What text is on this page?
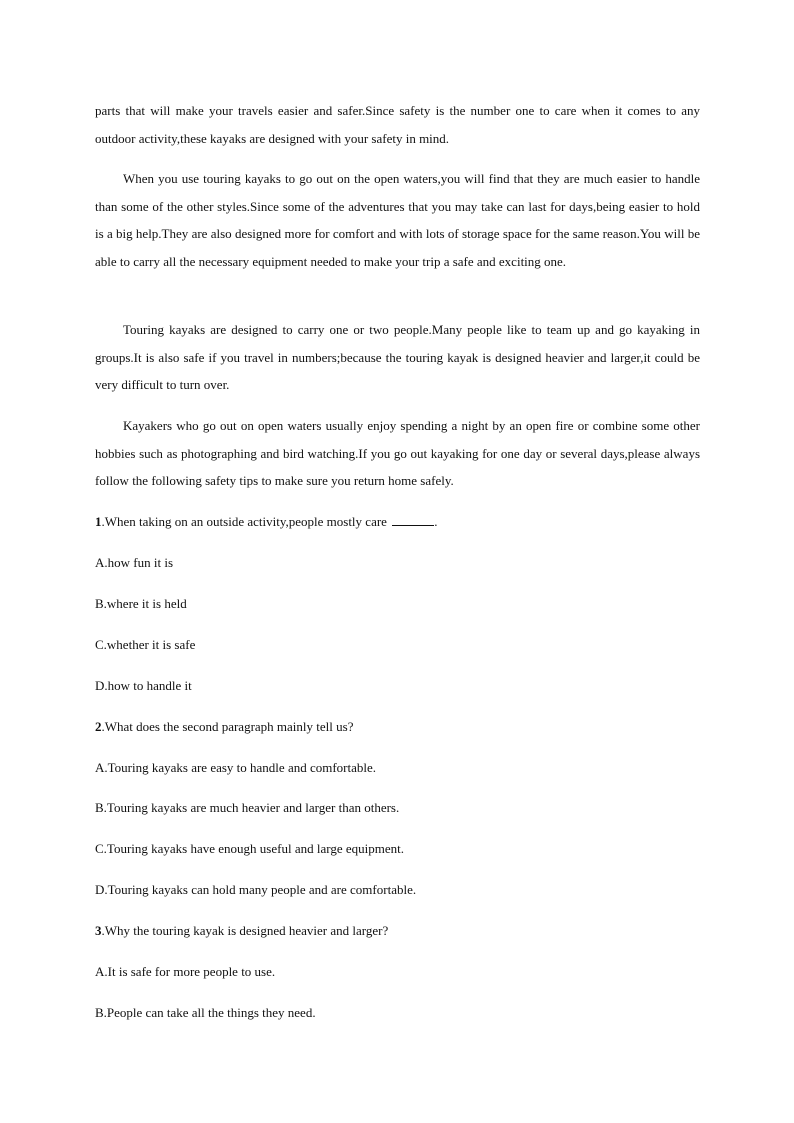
parts that will make your travels easier and safer.Since safety is the number one to care when it comes to any outdoor activity,these kayaks are designed with your safety in mind.

When you use touring kayaks to go out on the open waters,you will find that they are much easier to handle than some of the other styles.Since some of the adventures that you may take can last for days,being easier to hold is a big help.They are also designed more for comfort and with lots of storage space for the same reason.You will be able to carry all the necessary equipment needed to make your trip a safe and exciting one.

Touring kayaks are designed to carry one or two people.Many people like to team up and go kayaking in groups.It is also safe if you travel in numbers;because the touring kayak is designed heavier and larger,it could be very difficult to turn over.

Kayakers who go out on open waters usually enjoy spending a night by an open fire or combine some other hobbies such as photographing and bird watching.If you go out kayaking for one day or several days,please always follow the following safety tips to make sure you return home safely.

1.When taking on an outside activity,people mostly care	.
A.how fun it is
B.where it is held
C.whether it is safe
D.how to handle it
2.What does the second paragraph mainly tell us?
A.Touring kayaks are easy to handle and comfortable.
B.Touring kayaks are much heavier and larger than others.
C.Touring kayaks have enough useful and large equipment.
D.Touring kayaks can hold many people and are comfortable.
3.Why the touring kayak is designed heavier and larger?
A.It is safe for more people to use.
B.People can take all the things they need.
